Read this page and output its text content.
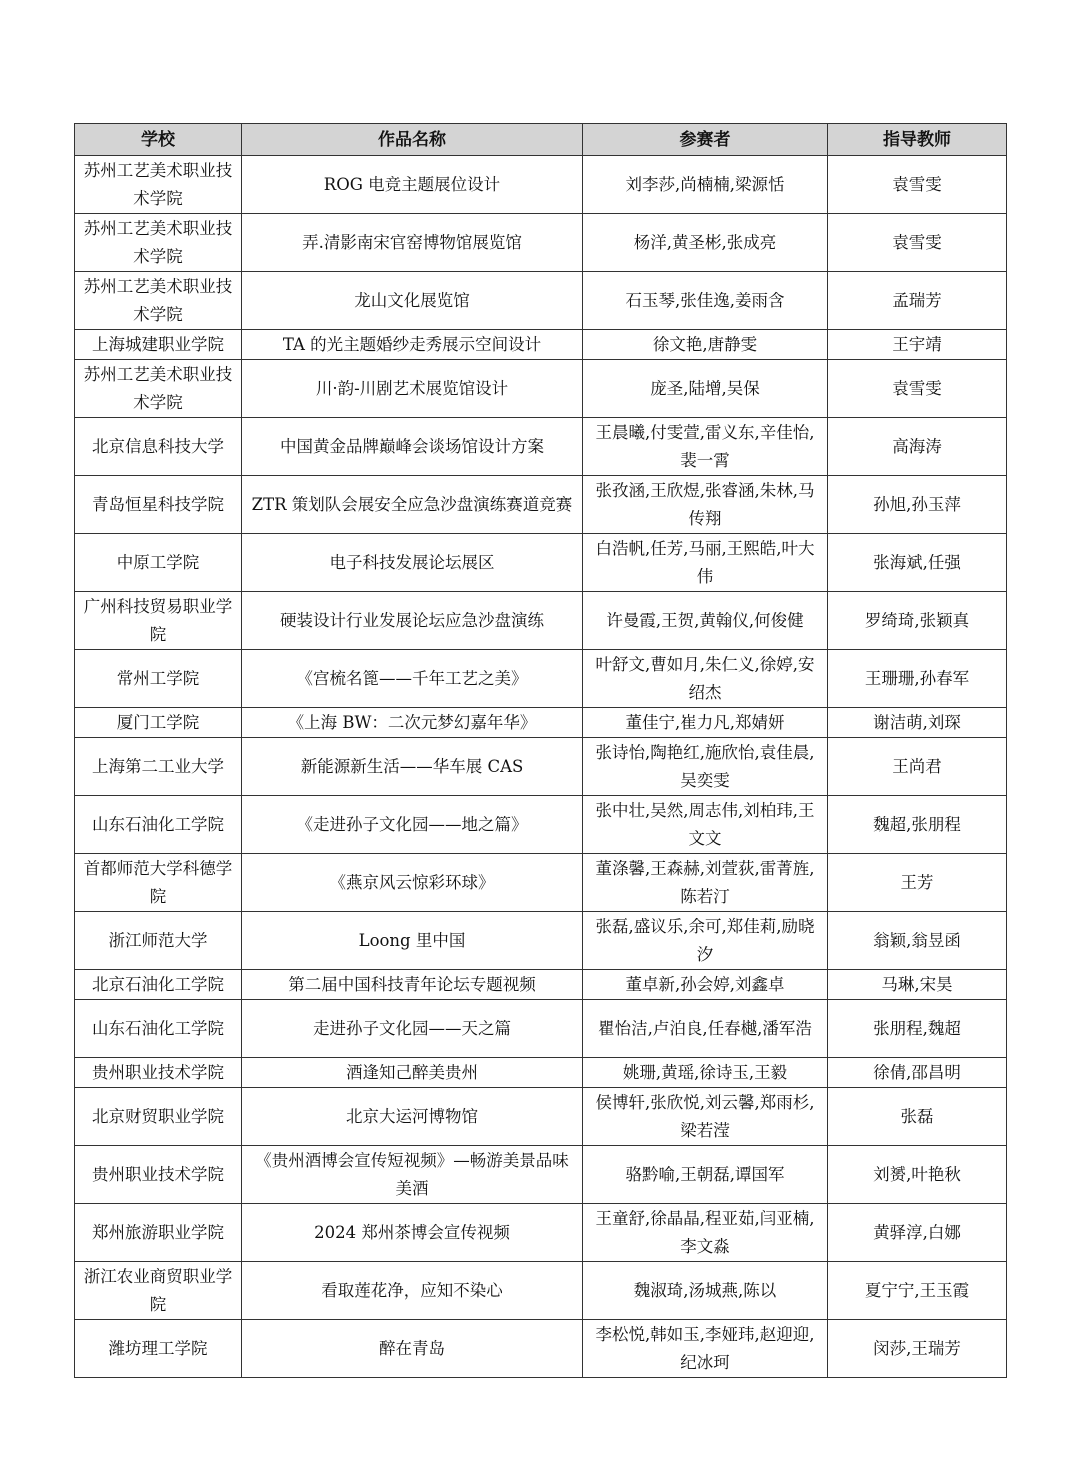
学校	作品名称	参赛者	指导教师
苏州工艺美术职业技术学院	ROG 电竞主题展位设计	刘李莎,尚楠楠,梁源恬	袁雪雯
苏州工艺美术职业技术学院	弄.清影南宋官窑博物馆展览馆	杨洋,黄圣彬,张成亮	袁雪雯
苏州工艺美术职业技术学院	龙山文化展览馆	石玉琴,张佳逸,姜雨含	孟瑞芳
上海城建职业学院	TA 的光主题婚纱走秀展示空间设计	徐文艳,唐静雯	王宇靖
苏州工艺美术职业技术学院	川·韵-川剧艺术展览馆设计	庞圣,陆增,吴保	袁雪雯
北京信息科技大学	中国黄金品牌巅峰会谈场馆设计方案	王晨曦,付雯萱,雷义东,辛佳怡,裴一霄	高海涛
青岛恒星科技学院	ZTR 策划队会展安全应急沙盘演练赛道竞赛	张孜涵,王欣煜,张睿涵,朱林,马传翔	孙旭,孙玉萍
中原工学院	电子科技发展论坛展区	白浩帆,任芳,马丽,王熙皓,叶大伟	张海斌,任强
广州科技贸易职业学院	硬装设计行业发展论坛应急沙盘演练	许曼霞,王贺,黄翰仪,何俊健	罗绮琦,张颖真
常州工学院	《宫梳名篦——千年工艺之美》	叶舒文,曹如月,朱仁义,徐婷,安绍杰	王珊珊,孙春军
厦门工学院	《上海 BW：二次元梦幻嘉年华》	董佳宁,崔力凡,郑婧妍	谢洁萌,刘琛
上海第二工业大学	新能源新生活——华车展 CAS	张诗怡,陶艳红,施欣怡,袁佳晨,吴奕雯	王尚君
山东石油化工学院	《走进孙子文化园——地之篇》	张中壮,吴然,周志伟,刘柏玮,王文文	魏超,张朋程
首都师范大学科德学院	《燕京风云惊彩环球》	董涤馨,王森赫,刘萱荻,雷菁旌,陈若汀	王芳
浙江师范大学	Loong 里中国	张磊,盛议乐,余可,郑佳莉,励晓汐	翁颖,翁昱函
北京石油化工学院	第二届中国科技青年论坛专题视频	董卓新,孙会婷,刘鑫卓	马琳,宋昊
山东石油化工学院	走进孙子文化园——天之篇	瞿怡洁,卢泊良,任春樾,潘军浩	张朋程,魏超
贵州职业技术学院	酒逢知己醉美贵州	姚珊,黄瑶,徐诗玉,王毅	徐倩,邵昌明
北京财贸职业学院	北京大运河博物馆	侯博轩,张欣悦,刘云馨,郑雨杉,梁若滢	张磊
贵州职业技术学院	《贵州酒博会宣传短视频》—畅游美景品味美酒	骆黔喻,王朝磊,谭国军	刘赟,叶艳秋
郑州旅游职业学院	2024 郑州茶博会宣传视频	王童舒,徐晶晶,程亚茹,闫亚楠,李文淼	黄驿淳,白娜
浙江农业商贸职业学院	看取莲花净，应知不染心	魏淑琦,汤城燕,陈以	夏宁宁,王玉霞
潍坊理工学院	醉在青岛	李松悦,韩如玉,李娅玮,赵迎迎,纪冰珂	闵莎,王瑞芳
